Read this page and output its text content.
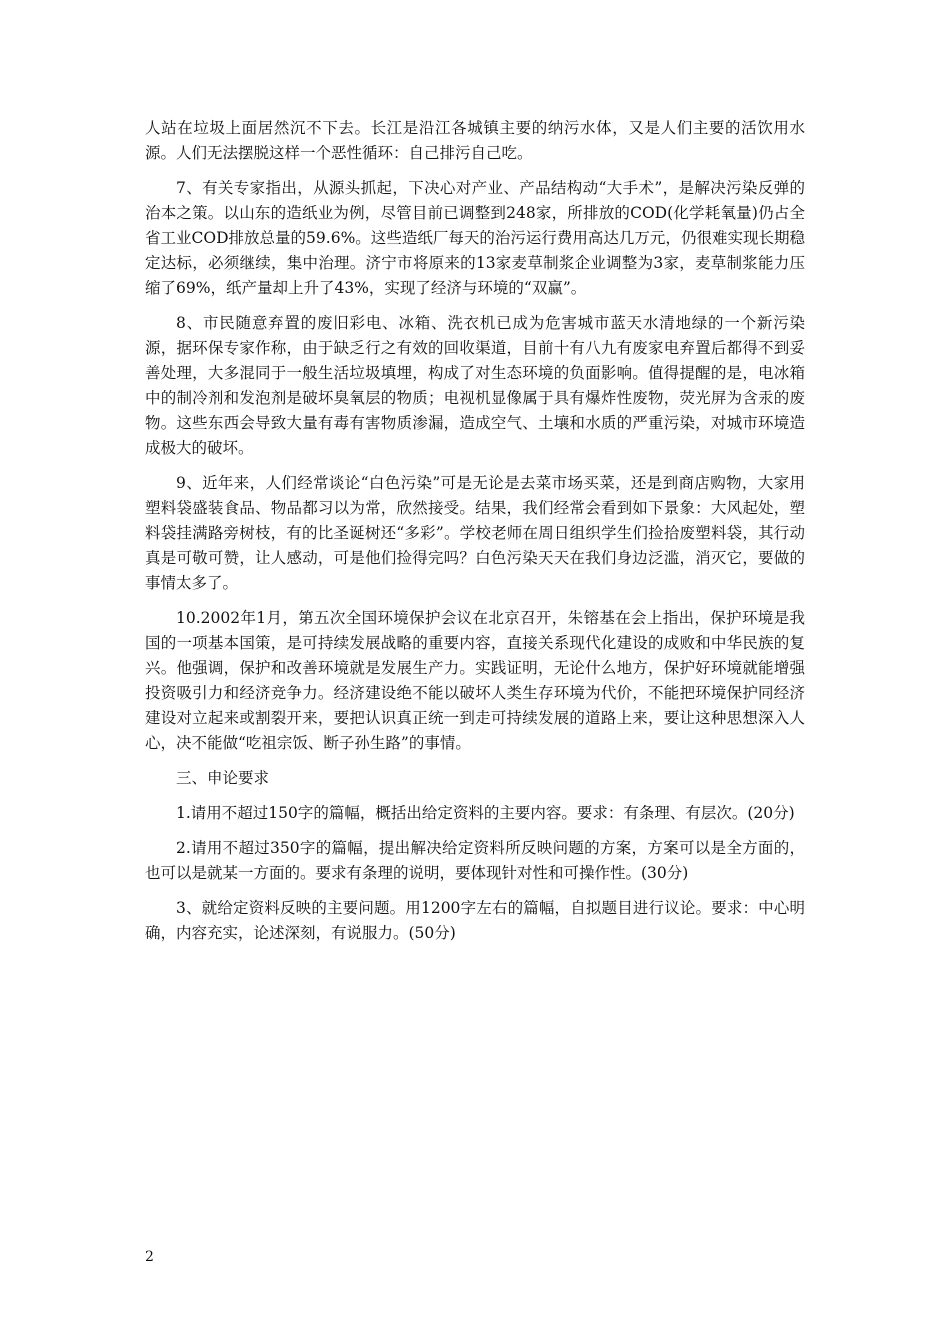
人站在垃圾上面居然沉不下去。长江是沿江各城镇主要的纳污水体，又是人们主要的活饮用水源。人们无法摆脱这样一个恶性循环：自己排污自己吃。

7、有关专家指出，从源头抓起，下决心对产业、产品结构动“大手术”，是解决污染反弹的治本之策。以山东的造纸业为例，尽管目前已调整到248家，所排放的COD(化学耗氧量)仍占全省工业COD排放总量的59.6%。这些造纸厂每天的治污运行费用高达几万元，仍很难实现长期稳定达标，必须继续，集中治理。济宁市将原来的13家麦草制浆企业调整为3家，麦草制浆能力压缩了69%，纸产量却上升了43%，实现了经济与环境的“双赢”。

8、市民随意弃置的废旧彩电、冰箱、洗衣机已成为危害城市蓝天水清地绿的一个新污染源，据环保专家作称，由于缺乏行之有效的回收渠道，目前十有八九有废家电弃置后都得不到妥善处理，大多混同于一般生活垃圾填埋，构成了对生态环境的负面影响。值得提醒的是，电冰箱中的制冷剂和发泡剂是破坏臭氧层的物质；电视机显像属于具有爆炸性废物，荧光屏为含汞的废物。这些东西会导致大量有毒有害物质渗漏，造成空气、土壤和水质的严重污染，对城市环境造成极大的破坏。

9、近年来，人们经常谈论“白色污染”可是无论是去菜市场买菜，还是到商店购物，大家用塑料袋盛装食品、物品都习以为常，欣然接受。结果，我们经常会看到如下景象：大风起处，塑料袋挂满路旁树枝，有的比圣诞树还“多彩”。学校老师在周日组织学生们捡拾废塑料袋，其行动真是可敬可赞，让人感动，可是他们捡得完吗？白色污染天天在我们身边泛滥，消灭它，要做的事情太多了。

10.2002年1月，第五次全国环境保护会议在北京召开，朱镕基在会上指出，保护环境是我国的一项基本国策，是可持续发展战略的重要内容，直接关系现代化建设的成败和中华民族的复兴。他强调，保护和改善环境就是发展生产力。实践证明，无论什么地方，保护好环境就能增强投资吸引力和经济竞争力。经济建设绝不能以破坏人类生存环境为代价，不能把环境保护同经济建设对立起来或割裂开来，要把认识真正统一到走可持续发展的道路上来，要让这种思想深入人心，决不能做“吃祖宗饭、断子孙生路”的事情。

三、申论要求

1.请用不超过150字的篇幅，概括出给定资料的主要内容。要求：有条理、有层次。(20分)

2.请用不超过350字的篇幅，提出解决给定资料所反映问题的方案，方案可以是全方面的，也可以是就某一方面的。要求有条理的说明，要体现针对性和可操作性。(30分)

3、就给定资料反映的主要问题。用1200字左右的篇幅，自拟题目进行议论。要求：中心明确，内容充实，论述深刻，有说服力。(50分)

2
